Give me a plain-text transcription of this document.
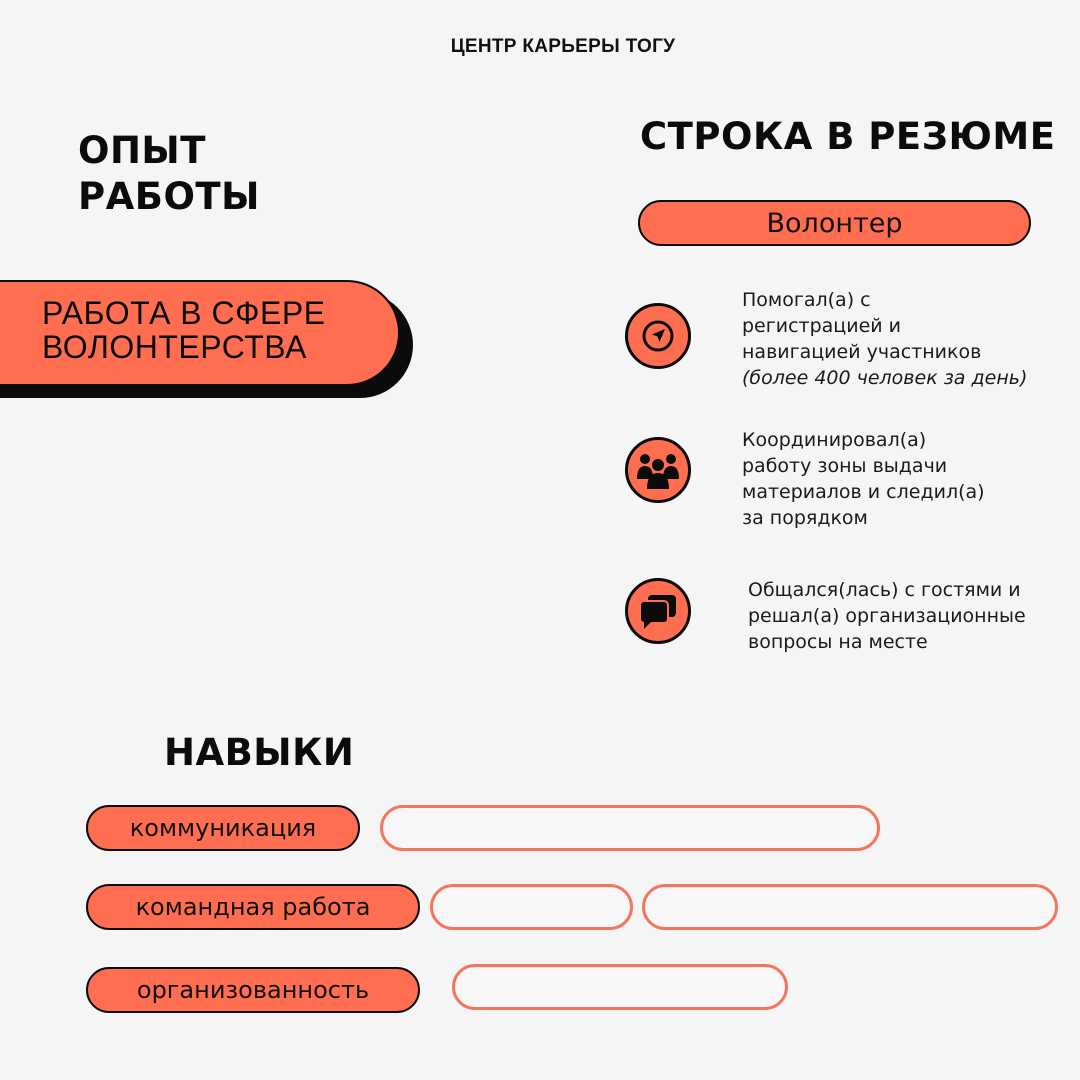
ЦЕНТР КАРЬЕРЫ ТОГУ
ОПЫТ
РАБОТЫ
РАБОТА В СФЕРЕ
ВОЛОНТЕРСТВА
СТРОКА В РЕЗЮМЕ
Волонтер
Помогал(а) с
регистрацией и
навигацией участников
(более 400 человек за день)
Координировал(а)
работу зоны выдачи
материалов и следил(а)
за порядком
Общался(лась) с гостями и
решал(а) организационные
вопросы на месте
НАВЫКИ
коммуникация
командная работа
организованность
